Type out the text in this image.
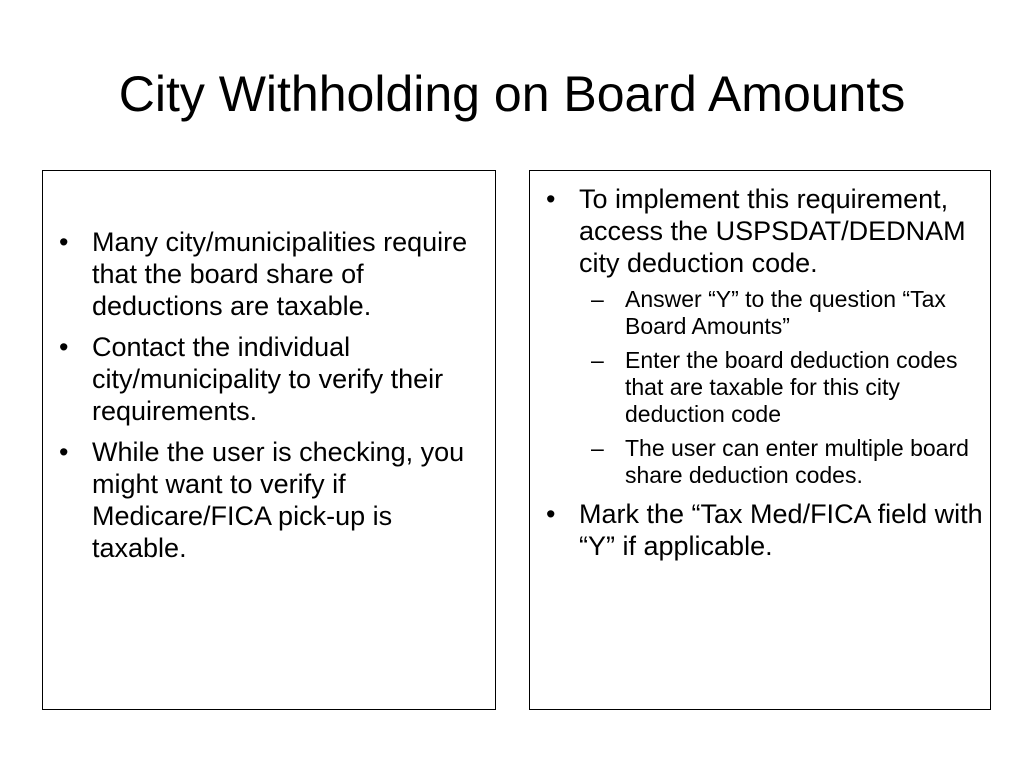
City Withholding on Board Amounts
• Many city/municipalities require that the board share of deductions are taxable.
• Contact the individual city/municipality to verify their requirements.
• While the user is checking, you might want to verify if Medicare/FICA pick-up is taxable.
• To implement this requirement, access the USPSDAT/DEDNAM city deduction code.
– Answer “Y” to the question “Tax Board Amounts”
– Enter the board deduction codes that are taxable for this city deduction code
– The user can enter multiple board share deduction codes.
• Mark the “Tax Med/FICA field with “Y” if applicable.
